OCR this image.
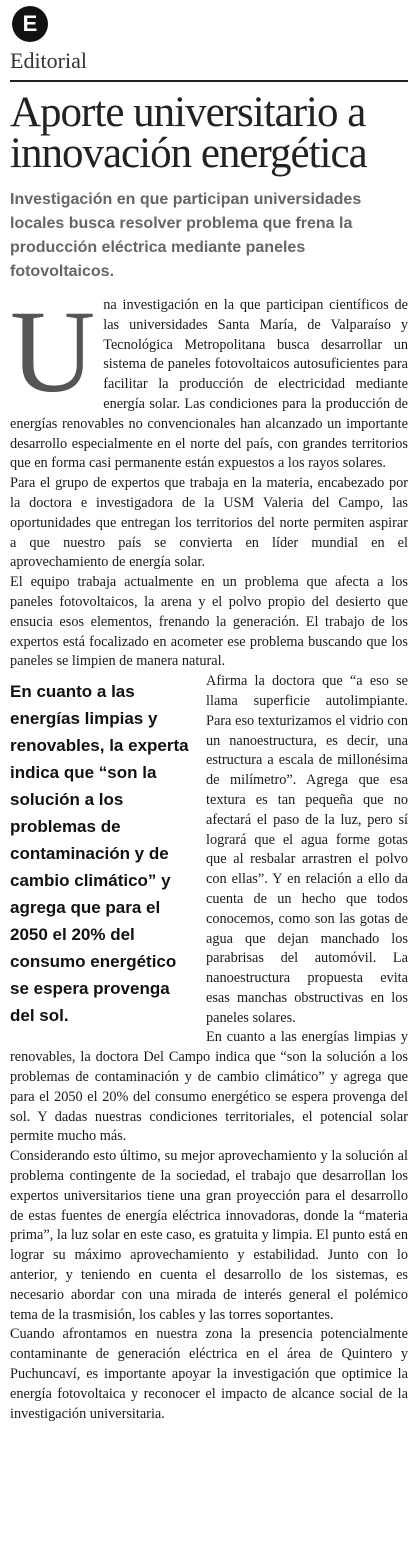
E
Editorial
Aporte universitario a innovación energética
Investigación en que participan universidades locales busca resolver problema que frena la producción eléctrica mediante paneles fotovoltaicos.
U na investigación en la que participan científicos de las universidades Santa María, de Valparaíso y Tecnológica Metropolitana busca desarrollar un sistema de paneles fotovoltaicos autosuficientes para facilitar la producción de electricidad mediante energía solar. Las condiciones para la producción de energías renovables no convencionales han alcanzado un importante desarrollo especialmente en el norte del país, con grandes territorios que en forma casi permanente están expuestos a los rayos solares.

Para el grupo de expertos que trabaja en la materia, encabezado por la doctora e investigadora de la USM Valeria del Campo, las oportunidades que entregan los territorios del norte permiten aspirar a que nuestro país se convierta en líder mundial en el aprovechamiento de energía solar.

El equipo trabaja actualmente en un problema que afecta a los paneles fotovoltaicos, la arena y el polvo propio del desierto que ensucia esos elementos, frenando la generación. El trabajo de los expertos está focalizado en acometer ese problema buscando que los paneles se limpien de manera natural.

En cuanto a las energías limpias y renovables, la experta indica que “son la solución a los problemas de contaminación y de cambio climático” y agrega que para el 2050 el 20% del consumo energético se espera provenga del sol.

Afirma la doctora que “a eso se llama superficie autolimpiante. Para eso texturizamos el vidrio con un nanoestructura, es decir, una estructura a escala de millonésima de milímetro”. Agrega que esa textura es tan pequeña que no afectará el paso de la luz, pero sí logrará que el agua forme gotas que al resbalar arrastren el polvo con ellas”. Y en relación a ello da cuenta de un hecho que todos conocemos, como son las gotas de agua que dejan manchado los parabrisas del automóvil. La nanoestructura propuesta evita esas manchas obstructivas en los paneles solares.

En cuanto a las energías limpias y renovables, la doctora Del Campo indica que “son la solución a los problemas de contaminación y de cambio climático” y agrega que para el 2050 el 20% del consumo energético se espera provenga del sol. Y dadas nuestras condiciones territoriales, el potencial solar permite mucho más.

Considerando esto último, su mejor aprovechamiento y la solución al problema contingente de la sociedad, el trabajo que desarrollan los expertos universitarios tiene una gran proyección para el desarrollo de estas fuentes de energía eléctrica innovadoras, donde la “materia prima”, la luz solar en este caso, es gratuita y limpia. El punto está en lograr su máximo aprovechamiento y estabilidad. Junto con lo anterior, y teniendo en cuenta el desarrollo de los sistemas, es necesario abordar con una mirada de interés general el polémico tema de la trasmisión, los cables y las torres soportantes.

Cuando afrontamos en nuestra zona la presencia potencialmente contaminante de generación eléctrica en el área de Quintero y Puchuncaví, es importante apoyar la investigación que optimice la energía fotovoltaica y reconocer el impacto de alcance social de la investigación universitaria.
